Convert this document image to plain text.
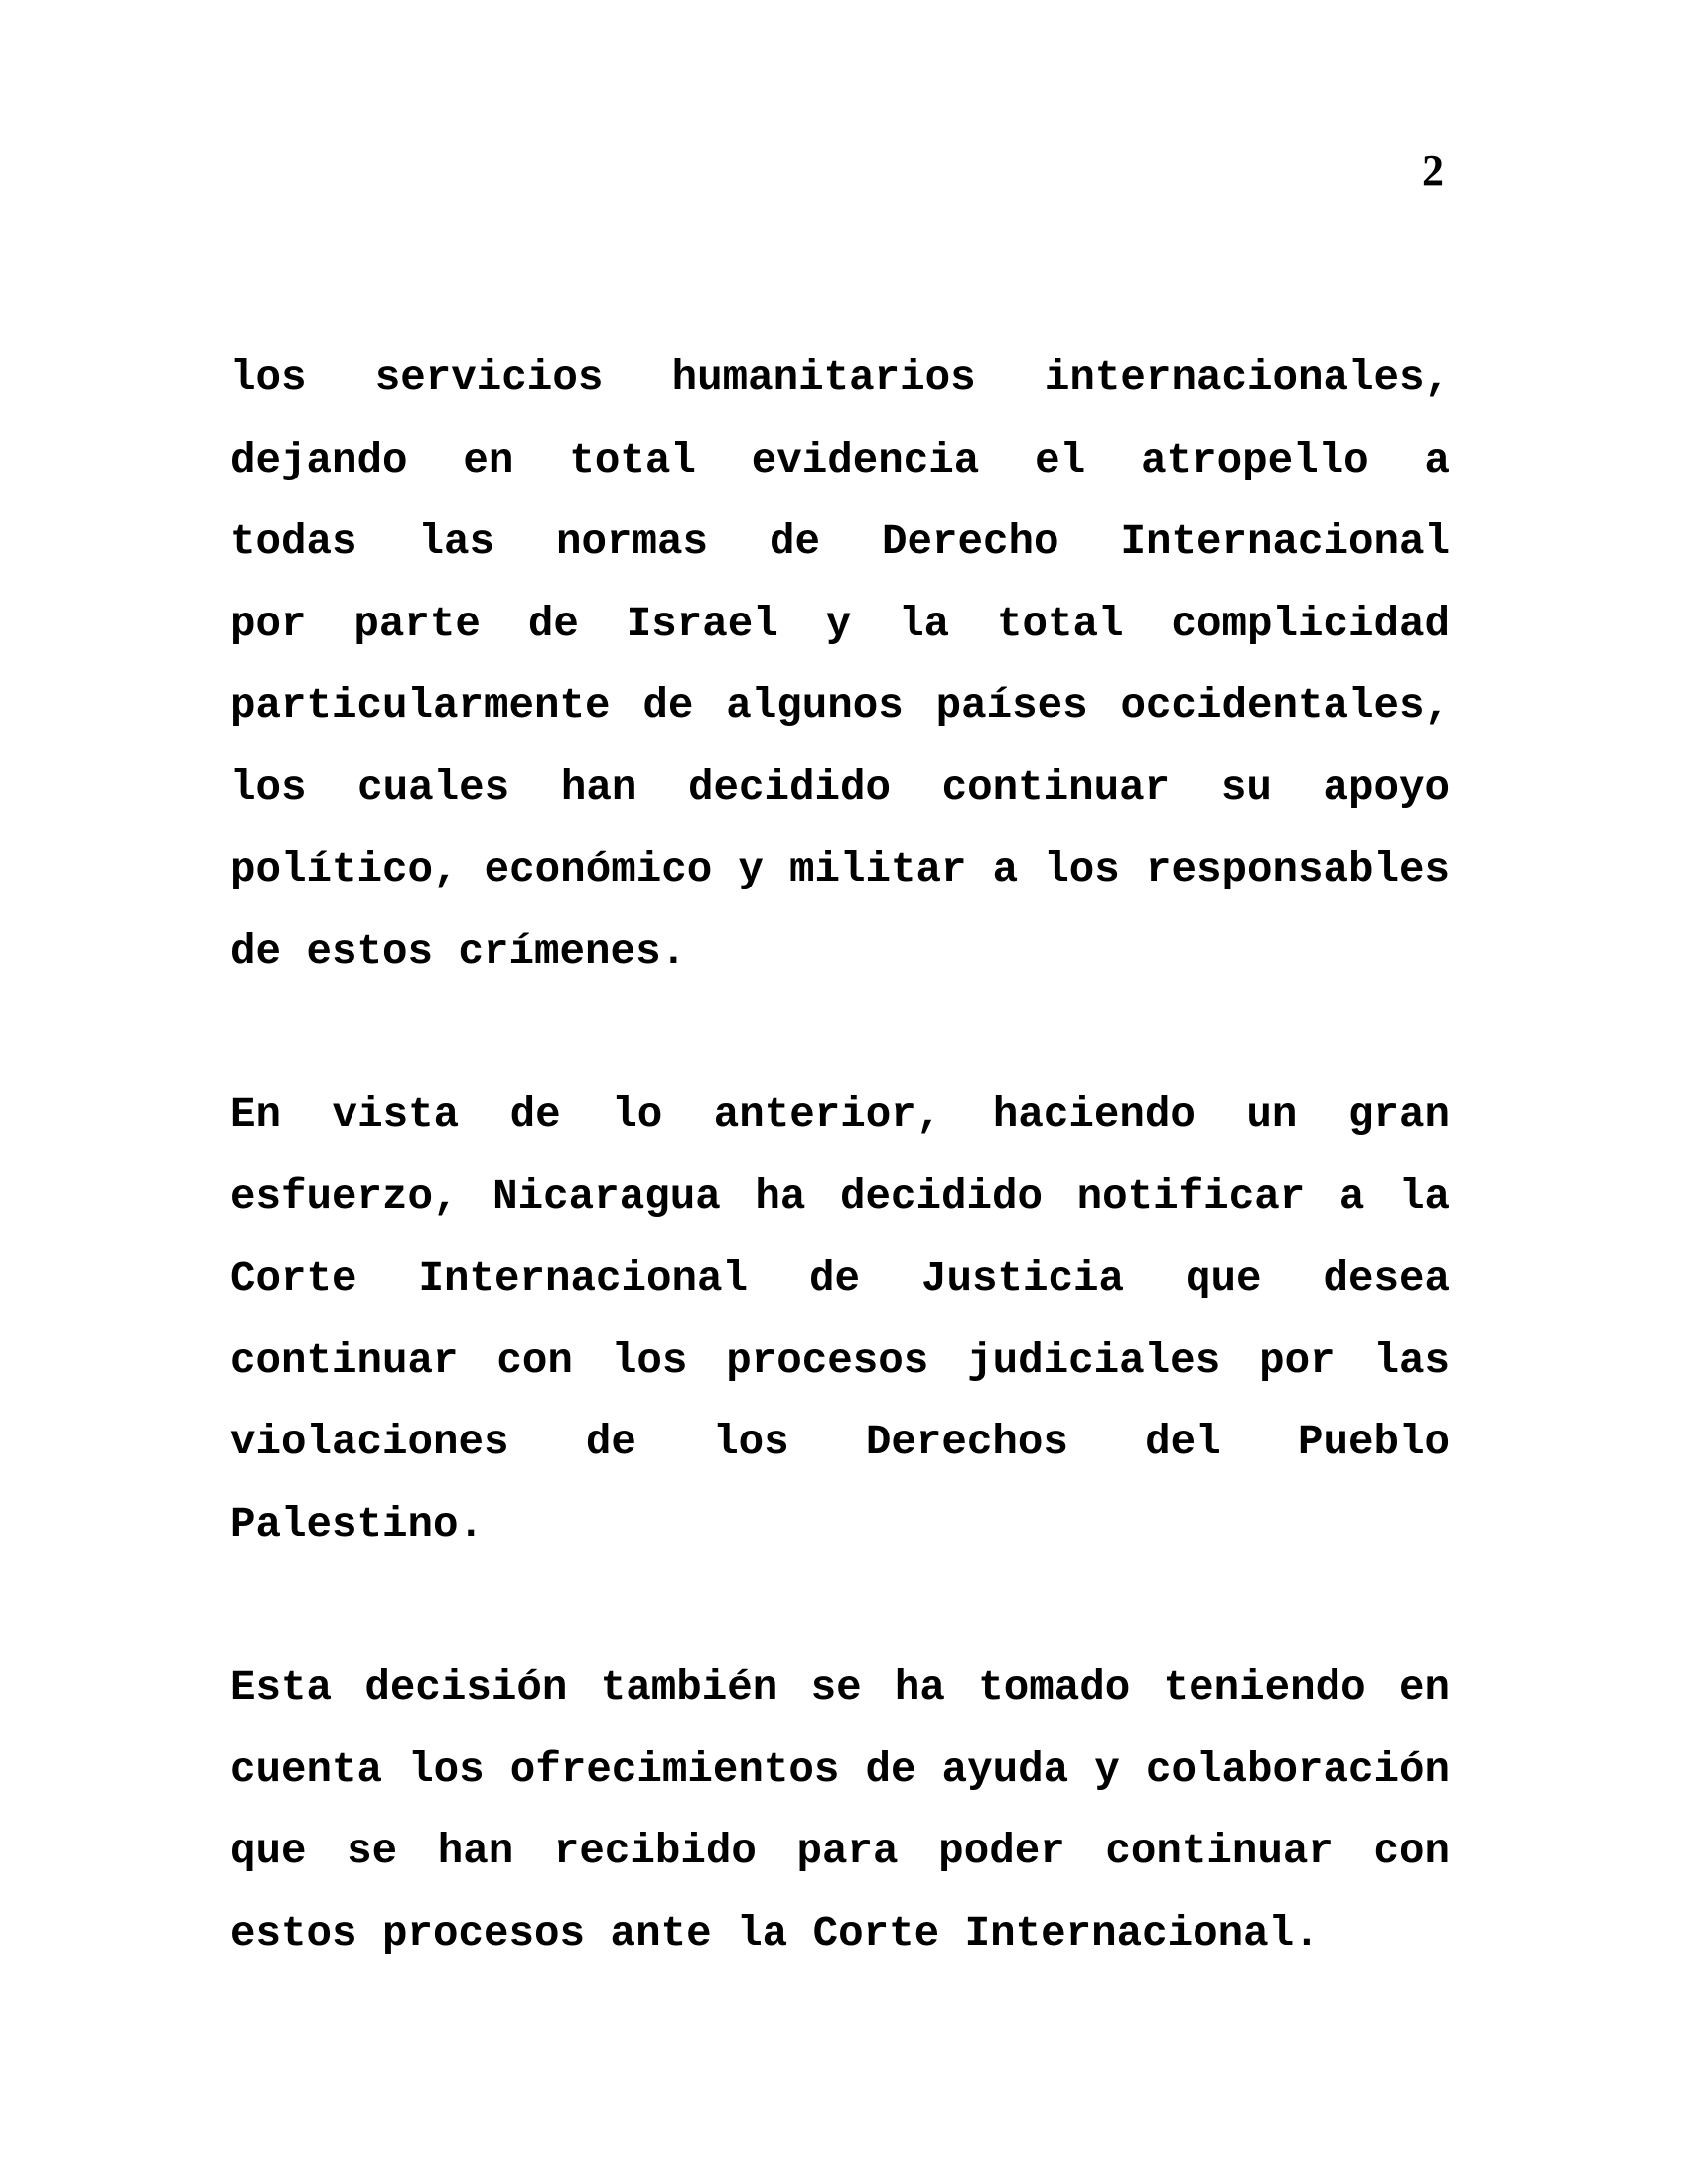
2

los servicios humanitarios internacionales,
dejando en total evidencia el atropello a
todas las normas de Derecho Internacional
por parte de Israel y la total complicidad
particularmente de algunos países occidentales,
los cuales han decidido continuar su apoyo
político, económico y militar a los responsables
de estos crímenes.

En vista de lo anterior, haciendo un gran
esfuerzo, Nicaragua ha decidido notificar a la
Corte Internacional de Justicia que desea
continuar con los procesos judiciales por las
violaciones de los Derechos del Pueblo Palestino.

Esta decisión también se ha tomado teniendo en
cuenta los ofrecimientos de ayuda y colaboración
que se han recibido para poder continuar con
estos procesos ante la Corte Internacional.
